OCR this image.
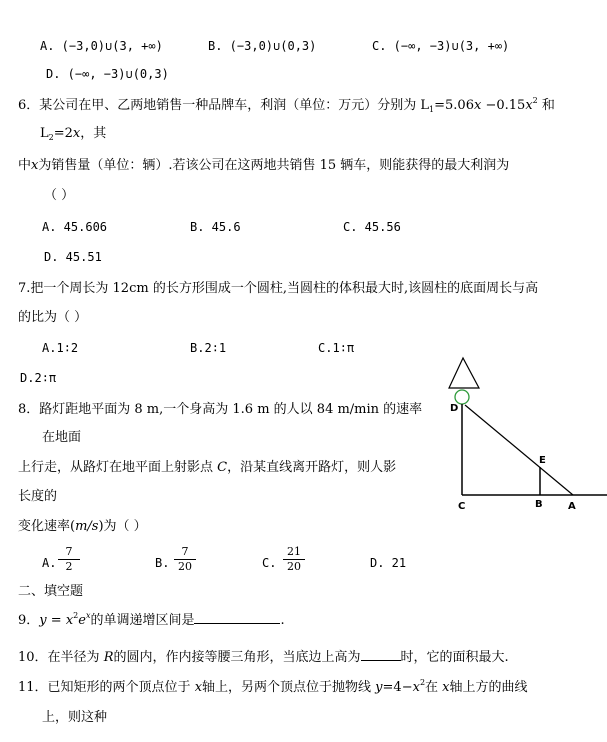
A. (−3,0)∪(3, +∞)	B. (−3,0)∪(0,3)	C. (−∞, −3)∪(3, +∞)
D. (−∞, −3)∪(0,3)
6．某公司在甲、乙两地销售一种品牌车，利润（单位：万元）分别为 $L_1=5.06x -0.15x^2$ 和
$L_2=2x$，其
中x为销售量（单位：辆）.若该公司在这两地共销售 15 辆车，则能获得的最大利润为
（ ）
A. 45.606	B. 45.6	C. 45.56
D. 45.51
7.把一个周长为 12cm 的长方形围成一个圆柱,当圆柱的体积最大时,该圆柱的底面周长与高
的比为（ ）
A.1∶2	B.2∶1	C.1∶π
D.2∶π
8．路灯距地平面为 8 m,一个身高为 1.6 m 的人以 84 m/min 的速率
在地面
上行走，从路灯在地平面上射影点 C，沿某直线离开路灯，则人影
长度的
变化速率(m/s)为（ ）
A.
7
2	B.
7
20	C.
21
20	D. 21
D
E
C	B	A
二、填空题
9．$y = x^2e^x$的单调递增区间是	.
10．在半径为 R的圆内，作内接等腰三角形，当底边上高为	时，它的面积最大.
11．已知矩形的两个顶点位于 x轴上，另两个顶点位于抛物线 $y=4-x^2$在 x轴上方的曲线
上，则这种
